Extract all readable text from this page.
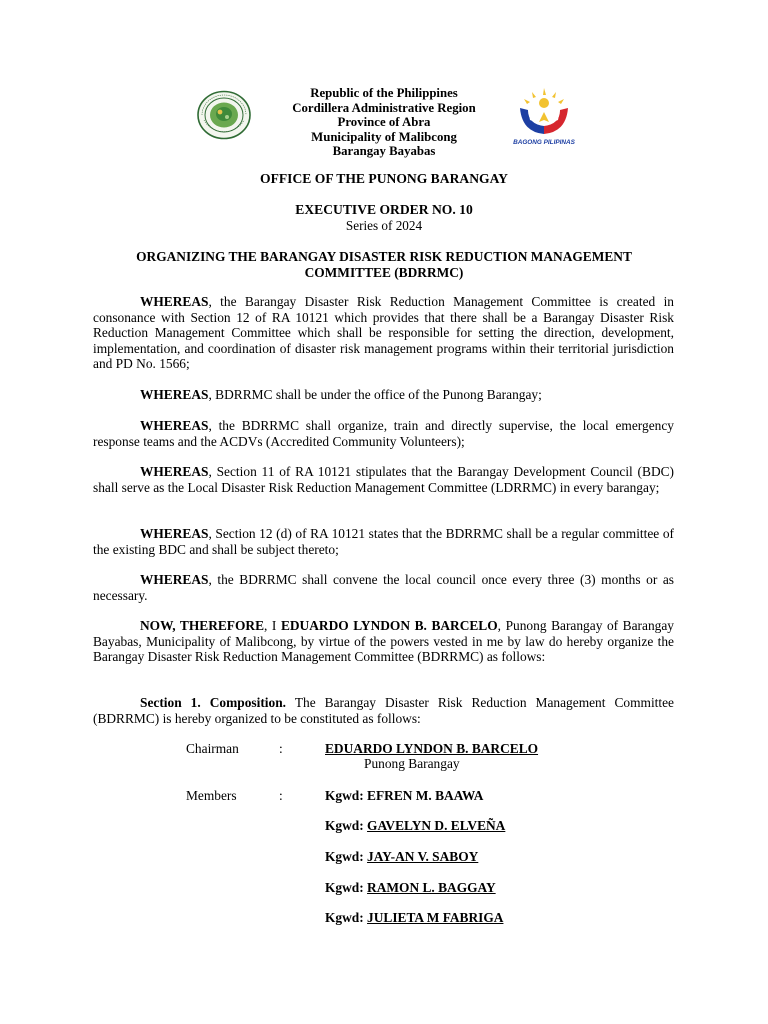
BAGONG PILIPINAS
Republic of the Philippines
Cordillera Administrative Region
Province of Abra
Municipality of Malibcong
Barangay Bayabas
OFFICE OF THE PUNONG BARANGAY
EXECUTIVE ORDER NO. 10
Series of 2024
ORGANIZING THE BARANGAY DISASTER RISK REDUCTION MANAGEMENT COMMITTEE (BDRRMC)
WHEREAS, the Barangay Disaster Risk Reduction Management Committee is created in consonance with Section 12 of RA 10121 which provides that there shall be a Barangay Disaster Risk Reduction Management Committee which shall be responsible for setting the direction, development, implementation, and coordination of disaster risk management programs within their territorial jurisdiction and PD No. 1566;
WHEREAS, BDRRMC shall be under the office of the Punong Barangay;
WHEREAS, the BDRRMC shall organize, train and directly supervise, the local emergency response teams and the ACDVs (Accredited Community Volunteers);
WHEREAS, Section 11 of RA 10121 stipulates that the Barangay Development Council (BDC) shall serve as the Local Disaster Risk Reduction Management Committee (LDRRMC) in every barangay;
WHEREAS, Section 12 (d) of RA 10121 states that the BDRRMC shall be a regular committee of the existing BDC and shall be subject thereto;
WHEREAS, the BDRRMC shall convene the local council once every three (3) months or as necessary.
NOW, THEREFORE, I EDUARDO LYNDON B. BARCELO, Punong Barangay of Barangay Bayabas, Municipality of Malibcong, by virtue of the powers vested in me by law do hereby organize the Barangay Disaster Risk Reduction Management Committee (BDRRMC) as follows:
Section 1. Composition. The Barangay Disaster Risk Reduction Management Committee (BDRRMC) is hereby organized to be constituted as follows:
Chairman	:	EDUARDO LYNDON B. BARCELO
Punong Barangay
Members	:	Kgwd: EFREN M. BAAWA
Kgwd: GAVELYN D. ELVEÑA
Kgwd: JAY-AN V. SABOY
Kgwd: RAMON L. BAGGAY
Kgwd: JULIETA M FABRIGA
